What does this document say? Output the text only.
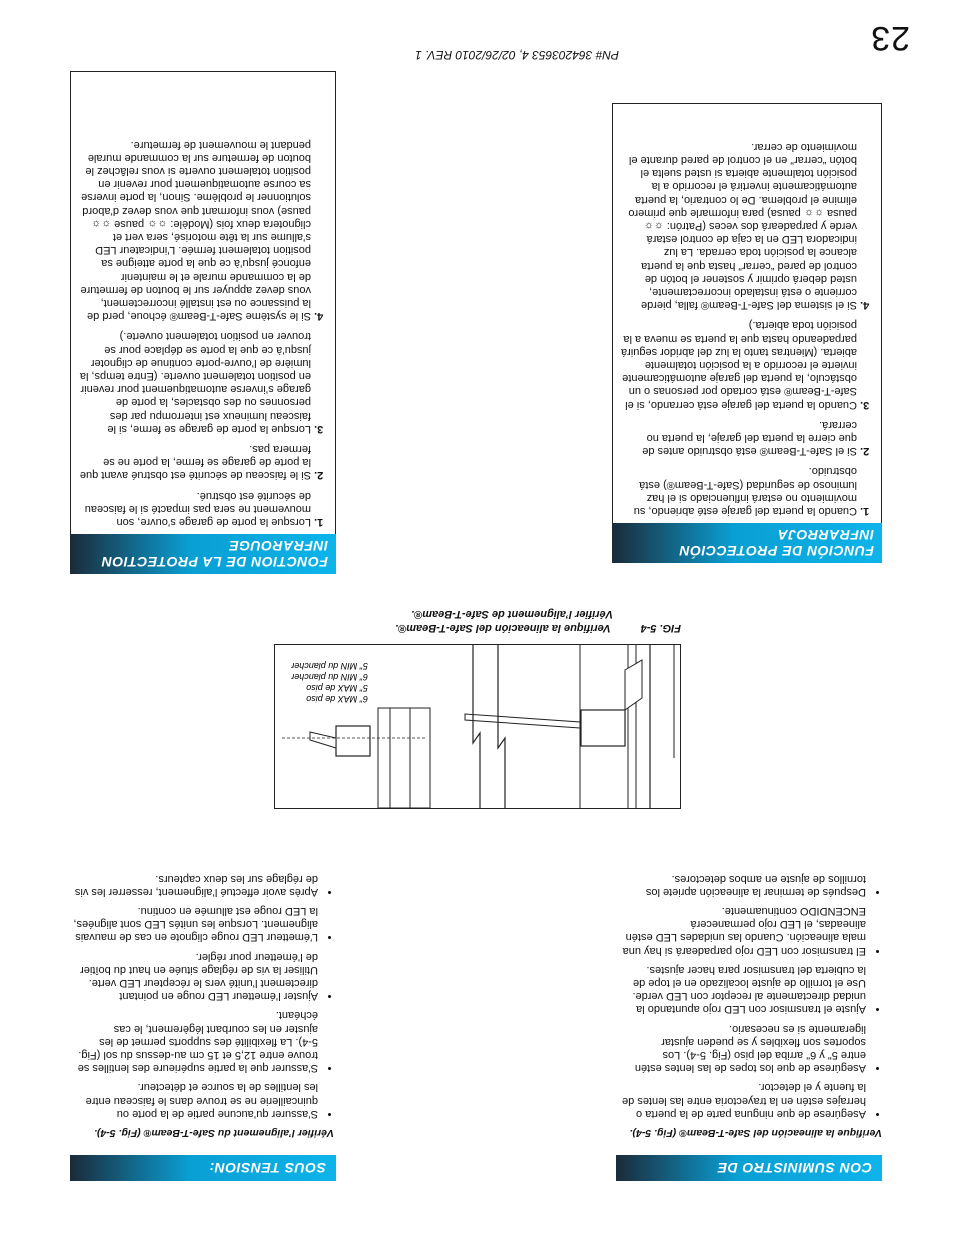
23
PN# 364203653 4, 02/26/2010 REV. 1
CON SUMINISTRO DE CORRIENTE:

Verifique la alineación del Safe-T-Beam® (Fig. 5-4).

• Asegúrese de que ninguna parte de la puerta o herrajes estén en la trayectoria entre las lentes de la fuente y el detector.
• Asegúrese de que los topes de las lentes estén entre 5" y 6" arriba del piso (Fig. 5-4). Los soportes son flexibles y se pueden ajustar ligeramente si es necesario.
• Ajuste el transmisor con LED rojo apuntando la unidad directamente al receptor con LED verde. Use el tornillo de ajuste localizado en el tope de la cubierta del transmisor para hacer ajustes.
• El transmisor con LED rojo parpadeará si hay una mala alineación. Cuando las unidades LED estén alineadas, el LED rojo permanecerá ENCENDIDO continuamente.
• Después de terminar la alineación apriete los tornillos de ajuste en ambos detectores.
SOUS TENSION:

Vérifier l’alignement du Safe-T-Beam® (Fig. 5-4).

• S’assurer qu’aucune partie de la porte ou quincaillerie ne se trouve dans le faisceau entre les lentilles de la source et détecteur.
• S’assurer que la partie supérieure des lentilles se trouve entre 12,5 et 15 cm au-dessus du sol (Fig. 5-4). La flexibilité des supports permet de les ajuster en les courbant légèrement, le cas échéant.
• Ajuster l’émetteur LED rouge en pointant directement l’unité vers le récepteur LED verte. Utiliser la vis de réglage située en haut du boîtier de l’émetteur pour régler.
• L’émetteur LED rouge clignote en cas de mauvais alignement. Lorsque les unités LED sont alignées, la LED rouge est allumée en continu.
• Après avoir effectué l’alignement, resserrer les vis de réglage sur les deux capteurs.
6" MAX de piso
5" MAX de piso
6" MIN du plancher
5" MIN du plancher
FIG. 5-4Verifique la alineación del Safe-T-Beam®.
Vérifier l’alignement de Safe-T-Beam®.
FUNCIÓN DE PROTECCIÓN
INFRARROJA
1. Cuando la puerta del garaje esté abriendo, su movimiento no estará influenciado si el haz luminoso de seguridad (Safe-T-Beam®) está obstruido.
2. Si el Safe-T-Beam® está obstruido antes de que cierre la puerta del garaje, la puerta no cerrará.
3. Cuando la puerta del garaje está cerrando, si el Safe-T-Beam® está cortado por personas o un obstáculo, la puerta del garaje automáticamente invierte el recorrido a la posición totalmente abierta. (Mientras tanto la luz del abridor seguirá parpadeando hasta que la puerta se mueva a la posición toda abierta.)
4. Si el sistema del Safe-T-Beam® falla, pierde corriente o está instalado incorrectamente, usted deberá oprimir y sostener el botón de control de pared “cerrar” hasta que la puerta alcance la posición toda cerrada. La luz indicadora LED en la caja de control estará verde y parpadeará dos veces (Patrón: ☼☼ pausa ☼☼ pausa) para informarle que primero elimine el problema. De lo contrario, la puerta automáticamente invertirá el recorrido a la posición totalmente abierta si usted suelta el botón “cerrar” en el control de pared durante el movimiento de cerrar.
FONCTION DE LA PROTECTION
INFRAROUGE
1. Lorsque la porte de garage s’ouvre, son mouvement ne sera pas impacté si le faisceau de sécurité est obstrué.
2. Si le faisceau de sécurité est obstrué avant que la porte de garage se ferme, la porte ne se fermera pas.
3. Lorsque la porte de garage se ferme, si le faisceau lumineux est interrompu par des personnes ou des obstacles, la porte de garage s’inverse automatiquement pour revenir en position totalement ouverte. (Entre temps, la lumière de l’ouvre-porte continue de clignoter jusqu’à ce que la porte se déplace pour se trouver en position totalement ouverte.)
4. Si le système Safe-T-Beam® échoue, perd de la puissance ou est installé incorrectement, vous devez appuyer sur le bouton de fermeture de la commande murale et le maintenir enfoncé jusqu’à ce que la porte atteigne sa position totalement fermée. L’indicateur LED s’allume sur la tête motorisé, sera vert et clignotera deux fois (Modèle: ☼☼ pause ☼☼ pause) vous informant que vous devez d’abord solutionner le problème. Sinon, la porte inverse sa course automatiquement pour revenir en position totalement ouverte si vous relâchez le bouton de fermeture sur la commande murale pendant le mouvement de fermeture.
